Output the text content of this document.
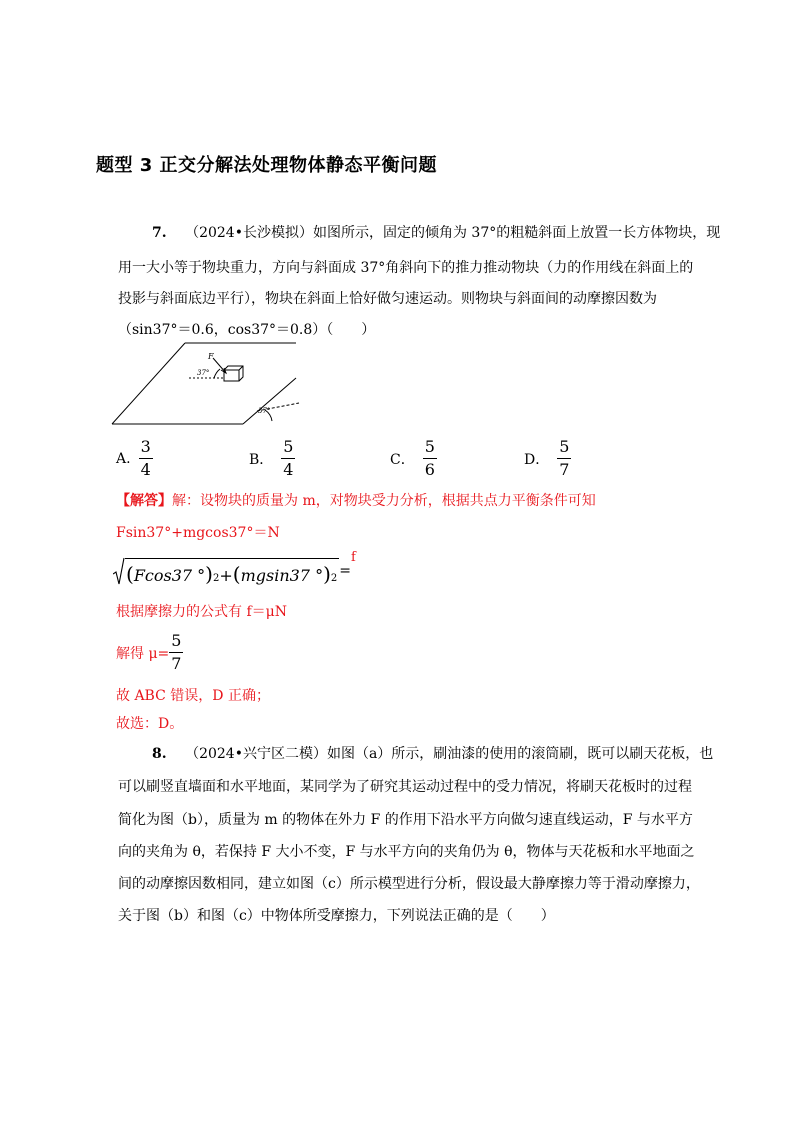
题型 3 正交分解法处理物体静态平衡问题
7. （2024•长沙模拟）如图所示，固定的倾角为 37°的粗糙斜面上放置一长方体物块，现
用一大小等于物块重力，方向与斜面成 37°角斜向下的推力推动物块（力的作用线在斜面上的
投影与斜面底边平行），物块在斜面上恰好做匀速运动。则物块与斜面间的动摩擦因数为
（sin37°＝0.6，cos37°＝0.8）（　　）
F
37°
37°
A. $\frac{3}{4}$	B． $\frac{5}{4}$	C． $\frac{5}{6}$	D． $\frac{5}{7}$
【解答】解：设物块的质量为 m，对物块受力分析，根据共点力平衡条件可知
Fsin37°+mgcos37°＝N
( Fcos37 ° )$_2$ + ( mgsin37 ° )$_2$ =
f
根据摩擦力的公式有 f＝μN
解得 $\mu= \frac{5}{7}$
故 ABC 错误，D 正确；
故选：D。
8. （2024•兴宁区二模）如图（a）所示，刷油漆的使用的滚筒刷，既可以刷天花板，也
可以刷竖直墙面和水平地面，某同学为了研究其运动过程中的受力情况，将刷天花板时的过程
简化为图（b），质量为 m 的物体在外力 F 的作用下沿水平方向做匀速直线运动，F 与水平方
向的夹角为 θ，若保持 F 大小不变，F 与水平方向的夹角仍为 θ，物体与天花板和水平地面之
间的动摩擦因数相同，建立如图（c）所示模型进行分析，假设最大静摩擦力等于滑动摩擦力，
关于图（b）和图（c）中物体所受摩擦力，下列说法正确的是（　　）
